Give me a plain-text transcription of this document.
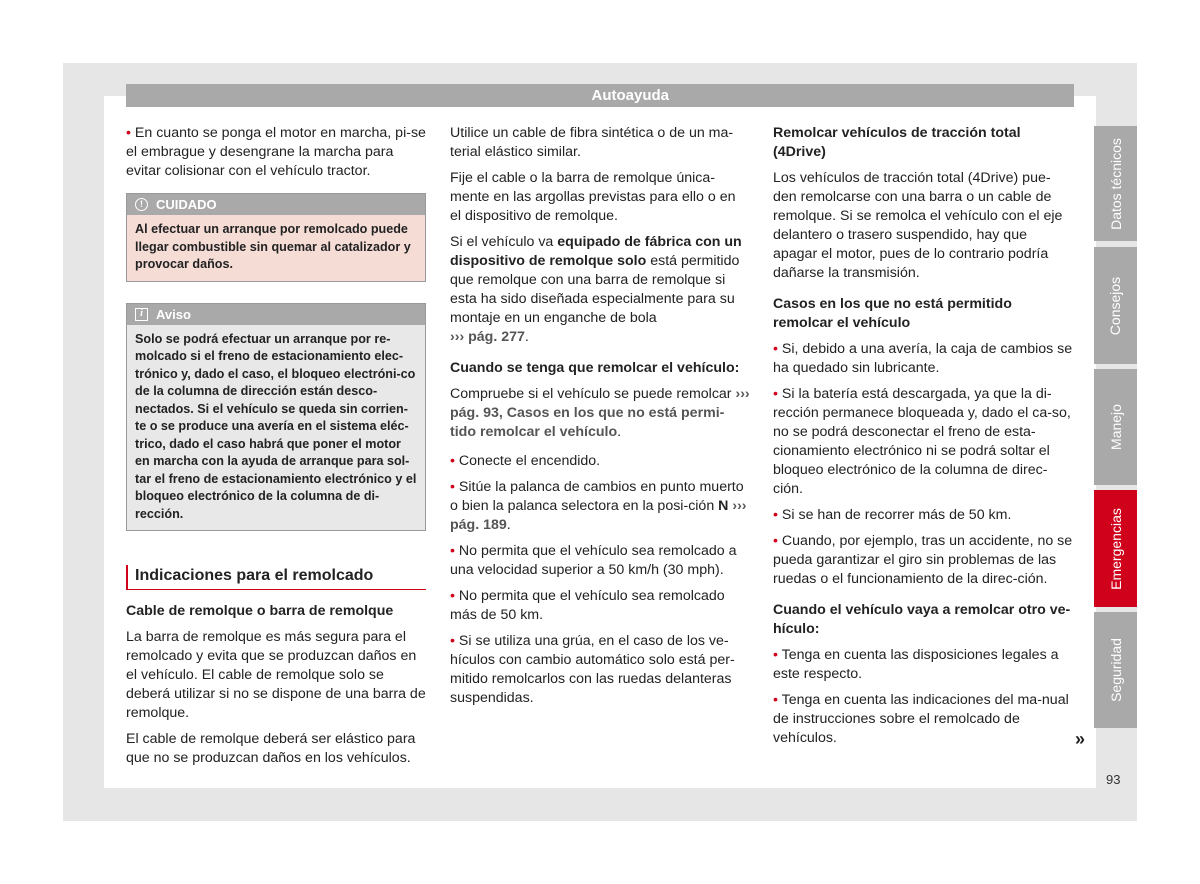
Autoayuda

• En cuanto se ponga el motor en marcha, pi-se el embrague y desengrane la marcha para evitar colisionar con el vehículo tractor.

!	CUIDADO
Al efectuar un arranque por remolcado puede llegar combustible sin quemar al catalizador y provocar daños.
i	Aviso
Solo se podrá efectuar un arranque por re-molcado si el freno de estacionamiento elec-trónico y, dado el caso, el bloqueo electróni-co de la columna de dirección están desco-nectados. Si el vehículo se queda sin corrien-te o se produce una avería en el sistema eléc-trico, dado el caso habrá que poner el motor en marcha con la ayuda de arranque para sol-tar el freno de estacionamiento electrónico y el bloqueo electrónico de la columna de di-rección.
Indicaciones para el remolcado

Cable de remolque o barra de remolque

La barra de remolque es más segura para el remolcado y evita que se produzcan daños en el vehículo. El cable de remolque solo se deberá utilizar si no se dispone de una barra de remolque.

El cable de remolque deberá ser elástico para que no se produzcan daños en los vehículos.

Utilice un cable de fibra sintética o de un ma-terial elástico similar.

Fije el cable o la barra de remolque única-mente en las argollas previstas para ello o en el dispositivo de remolque.

Si el vehículo va equipado de fábrica con un dispositivo de remolque solo está permitido que remolque con una barra de remolque si esta ha sido diseñada especialmente para su montaje en un enganche de bola
››› pág. 277.

Cuando se tenga que remolcar el vehículo:

Compruebe si el vehículo se puede remolcar ››› pág. 93, Casos en los que no está permi-tido remolcar el vehículo.

• Conecte el encendido.

• Sitúe la palanca de cambios en punto muerto o bien la palanca selectora en la posi-ción N ››› pág. 189.

• No permita que el vehículo sea remolcado a una velocidad superior a 50 km/h (30 mph).

• No permita que el vehículo sea remolcado más de 50 km.

• Si se utiliza una grúa, en el caso de los ve-hículos con cambio automático solo está per-mitido remolcarlos con las ruedas delanteras suspendidas.

Remolcar vehículos de tracción total (4Drive)

Los vehículos de tracción total (4Drive) pue-den remolcarse con una barra o un cable de remolque. Si se remolca el vehículo con el eje delantero o trasero suspendido, hay que apagar el motor, pues de lo contrario podría dañarse la transmisión.

Casos en los que no está permitido remolcar el vehículo

• Si, debido a una avería, la caja de cambios se ha quedado sin lubricante.

• Si la batería está descargada, ya que la di-rección permanece bloqueada y, dado el ca-so, no se podrá desconectar el freno de esta-cionamiento electrónico ni se podrá soltar el bloqueo electrónico de la columna de direc-ción.

• Si se han de recorrer más de 50 km.

• Cuando, por ejemplo, tras un accidente, no se pueda garantizar el giro sin problemas de las ruedas o el funcionamiento de la direc-ción.

Cuando el vehículo vaya a remolcar otro ve-hículo:

• Tenga en cuenta las disposiciones legales a este respecto.

• Tenga en cuenta las indicaciones del ma-nual de instrucciones sobre el remolcado de vehículos.	»
Datos técnicos
Consejos
Manejo
Emergencias
Seguridad
93
